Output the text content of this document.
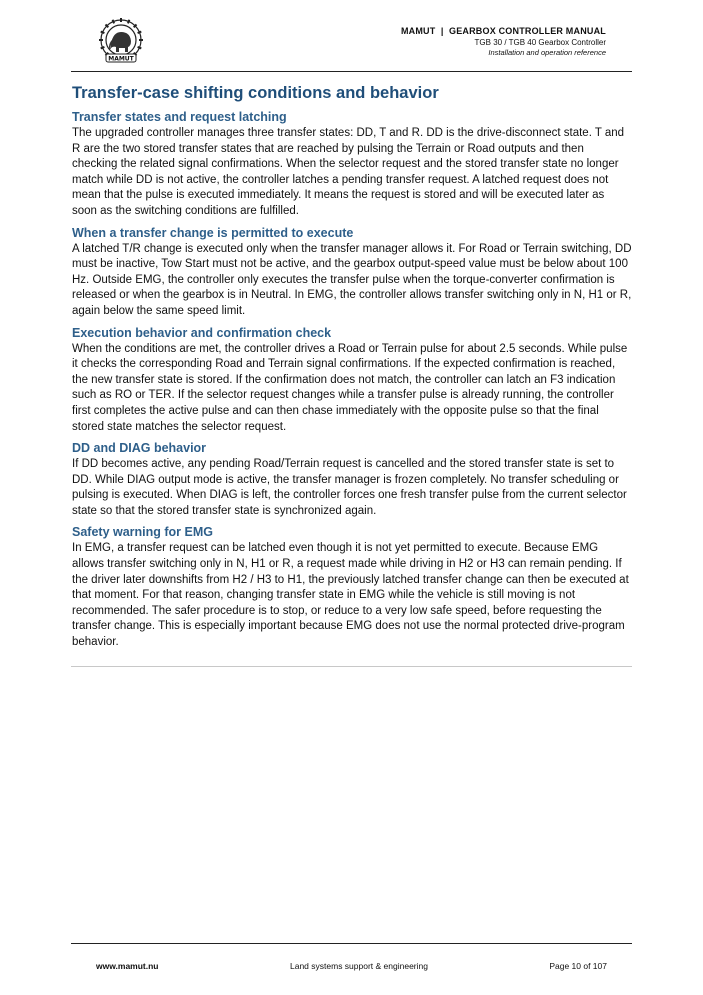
MAMUT
MAMUT | GEARBOX CONTROLLER MANUAL
TGB 30 / TGB 40 Gearbox Controller
Installation and operation reference
Transfer-case shifting conditions and behavior
Transfer states and request latching

The upgraded controller manages three transfer states: DD, T and R. DD is the drive-disconnect state. T and R are the two stored transfer states that are reached by pulsing the Terrain or Road outputs and then checking the related signal confirmations. When the selector request and the stored transfer state no longer match while DD is not active, the controller latches a pending transfer request. A latched request does not mean that the pulse is executed immediately. It means the request is stored and will be executed later as soon as the switching conditions are fulfilled.

When a transfer change is permitted to execute

A latched T/R change is executed only when the transfer manager allows it. For Road or Terrain switching, DD must be inactive, Tow Start must not be active, and the gearbox output-speed value must be below about 100 Hz. Outside EMG, the controller only executes the transfer pulse when the torque-converter confirmation is released or when the gearbox is in Neutral. In EMG, the controller allows transfer switching only in N, H1 or R, again below the same speed limit.

Execution behavior and confirmation check

When the conditions are met, the controller drives a Road or Terrain pulse for about 2.5 seconds. While pulse it checks the corresponding Road and Terrain signal confirmations. If the expected confirmation is reached, the new transfer state is stored. If the confirmation does not match, the controller can latch an F3 indication such as RO or TER. If the selector request changes while a transfer pulse is already running, the controller first completes the active pulse and can then chase immediately with the opposite pulse so that the final stored state matches the selector request.

DD and DIAG behavior

If DD becomes active, any pending Road/Terrain request is cancelled and the stored transfer state is set to DD. While DIAG output mode is active, the transfer manager is frozen completely. No transfer scheduling or pulsing is executed. When DIAG is left, the controller forces one fresh transfer pulse from the current selector state so that the stored transfer state is synchronized again.

Safety warning for EMG

In EMG, a transfer request can be latched even though it is not yet permitted to execute. Because EMG allows transfer switching only in N, H1 or R, a request made while driving in H2 or H3 can remain pending. If the driver later downshifts from H2 / H3 to H1, the previously latched transfer change can then be executed at that moment. For that reason, changing transfer state in EMG while the vehicle is still moving is not recommended. The safer procedure is to stop, or reduce to a very low safe speed, before requesting the transfer change. This is especially important because EMG does not use the normal protected drive-program behavior.

www.mamut.nu	Land systems support & engineering	Page 10 of 107
